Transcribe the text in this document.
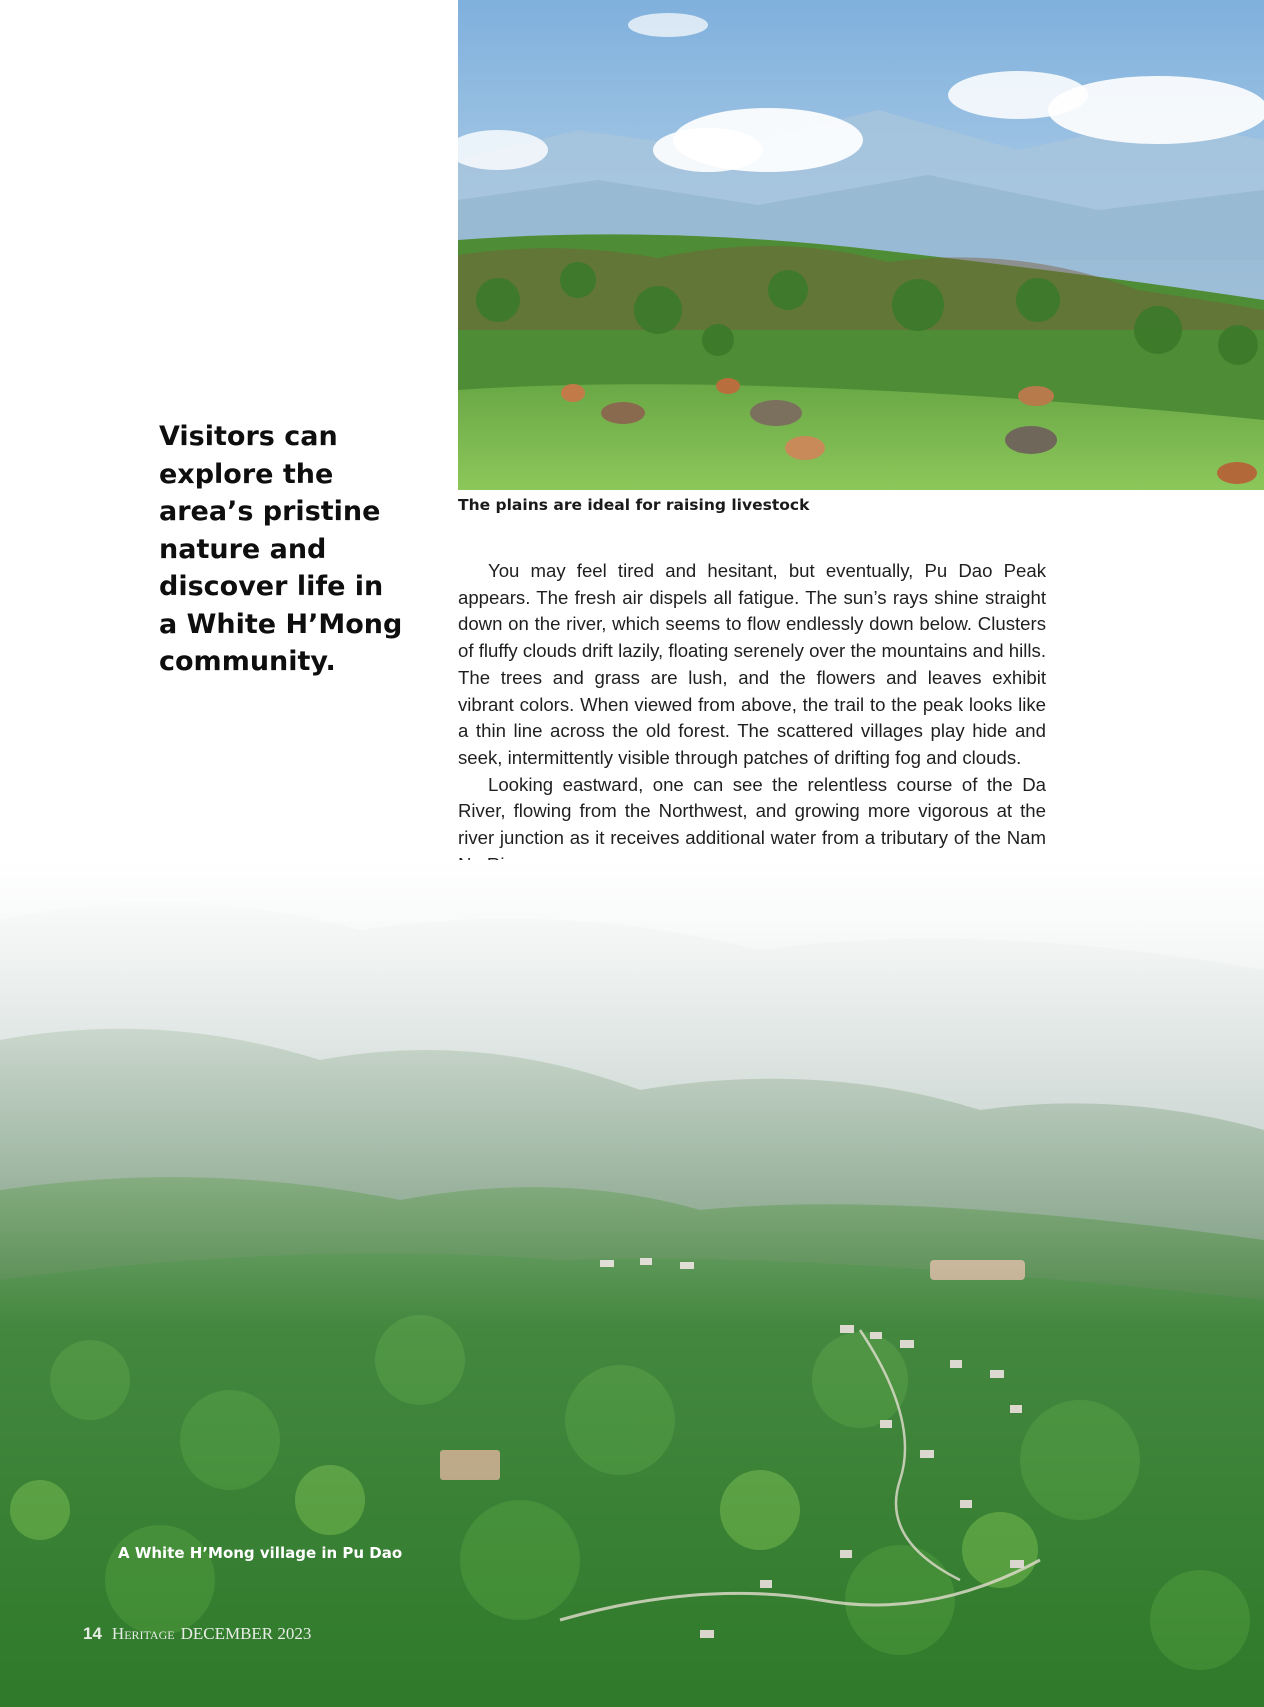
The plains are ideal for raising livestock

Visitors can explore the area’s pristine nature and discover life in a White H’Mong community.

You may feel tired and hesitant, but eventually, Pu Dao Peak appears. The fresh air dispels all fatigue. The sun’s rays shine straight down on the river, which seems to flow endlessly down below. Clusters of fluffy clouds drift lazily, floating serenely over the mountains and hills. The trees and grass are lush, and the flowers and leaves exhibit vibrant colors. When viewed from above, the trail to the peak looks like a thin line across the old forest. The scattered villages play hide and seek, intermittently visible through patches of drifting fog and clouds.

Looking eastward, one can see the relentless course of the Da River, flowing from the Northwest, and growing more vigorous at the river junction as it receives additional water from a tributary of the Nam

A White H’Mong village in Pu Dao
14 Heritage DECEMBER 2023
